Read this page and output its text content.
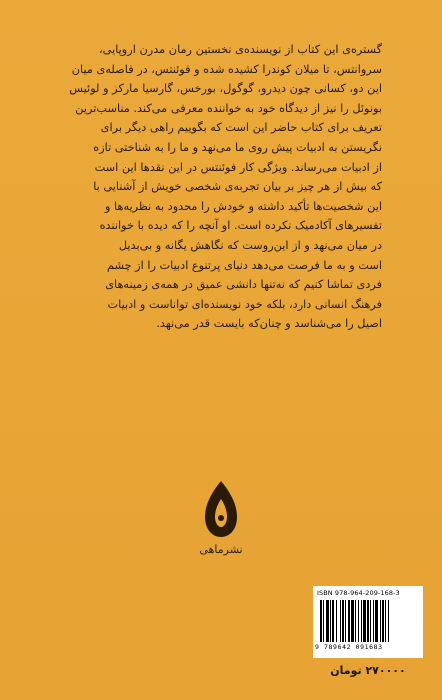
گستره‌ی این کتاب از نویسنده‌ی نخستین رمان مدرن اروپایی،
سروانتس، تا میلان کوندرا کشیده شده و فوئنتس، در فاصله‌ی میان
این دو، کسانی چون دیدرو، گوگول، بورخس، گارسیا مارکز و لوئیس
بونوئل را نیز از دیدگاه خود به خواننده معرفی می‌کند. مناسب‌ترین
تعریف برای کتاب حاضر این است که بگوییم راهی دیگر برای
نگریستن به ادبیات پیش روی ما می‌نهد و ما را به شناختی تازه
از ادبیات می‌رساند. ویژگی کار فوئنتس در این نقدها این است
که بیش از هر چیز بر بیان تجربه‌ی شخصی خویش از آشنایی با
این شخصیت‌ها تأکید داشته و خودش را محدود به نظریه‌ها و
تفسیرهای آکادمیک نکرده است. او آنچه را که دیده با خواننده
در میان می‌نهد و از این‌روست که نگاهش یگانه و بی‌بدیل
است و به ما فرصت می‌دهد دنیای پرتنوع ادبیات را از چشم
فردی تماشا کنیم که نه‌تنها دانشی عمیق در همه‌ی زمینه‌های
فرهنگ انسانی دارد، بلکه خود نویسنده‌ای تواناست و ادبیات
اصیل را می‌شناسد و چنان‌که بایست قدر می‌نهد.
نشرماهی
ISBN 978-964-209-168-3
9 789642 091683
۲۷۰۰۰۰ تومان
